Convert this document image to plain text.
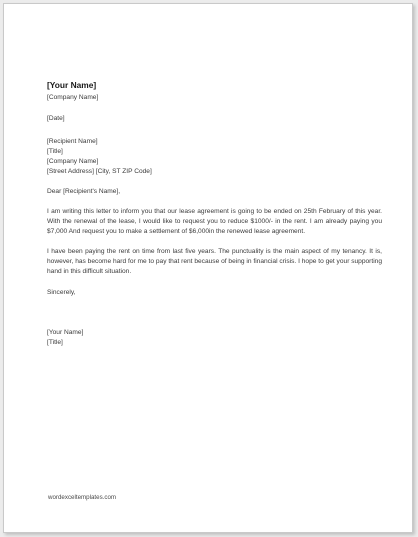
[Your Name]
[Company Name]
[Date]
[Recipient Name]
[Title]
[Company Name]
[Street Address] [City, ST ZIP Code]
Dear [Recipient's Name],
I am writing this letter to inform you that our lease agreement is going to be ended on 25th February of this year. With the renewal of the lease, I would like to request you to reduce $1000/- in the rent. I am already paying you $7,000 And request you to make a settlement of $6,000in the renewed lease agreement.
I have been paying the rent on time from last five years. The punctuality is the main aspect of my tenancy. It is, however, has become hard for me to pay that rent because of being in financial crisis. I hope to get your supporting hand in this difficult situation.
Sincerely,
[Your Name]
[Title]
wordexceltemplates.com
